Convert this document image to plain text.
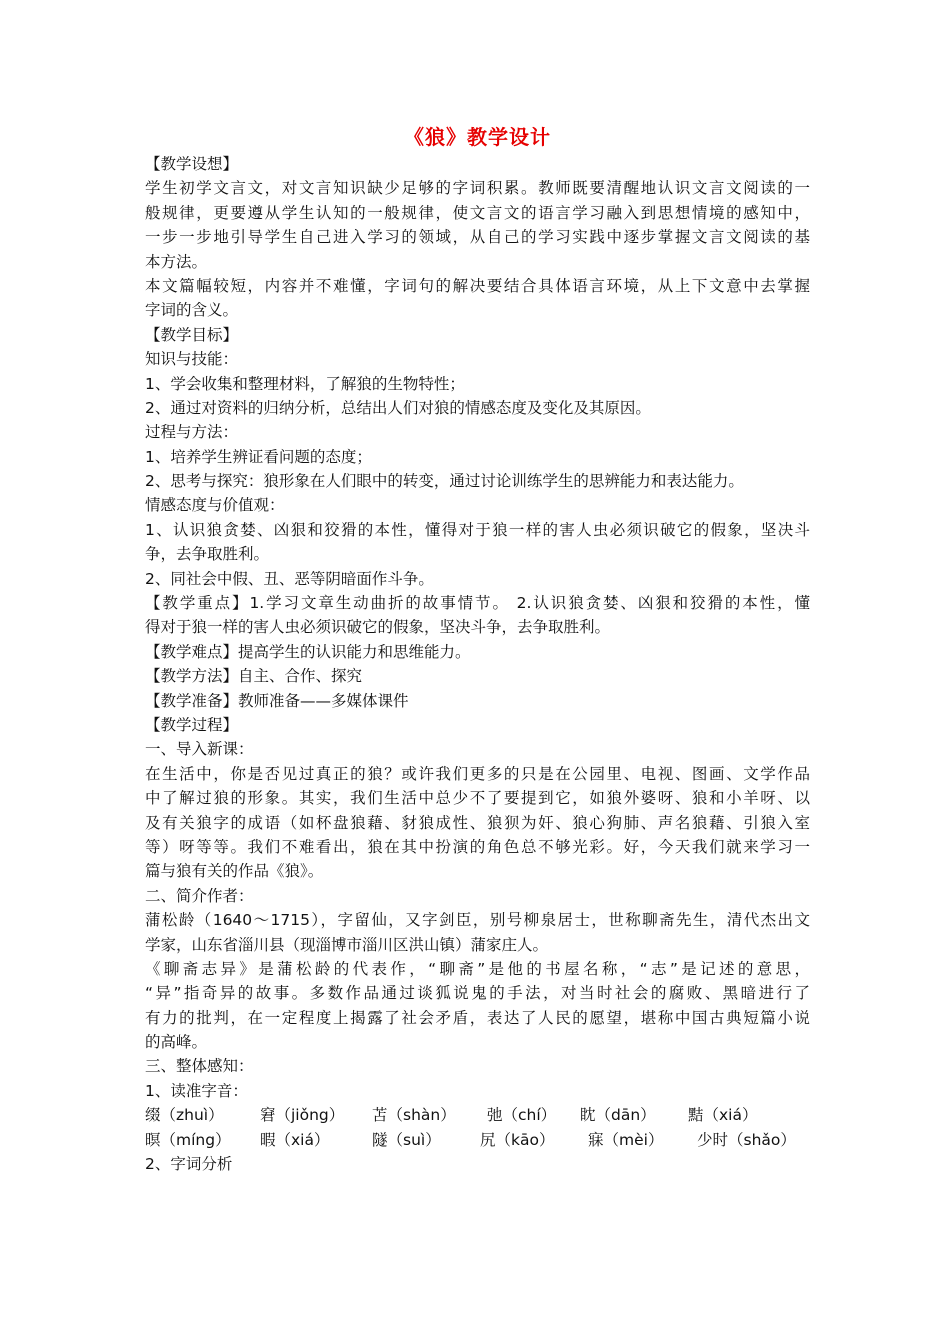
《狼》教学设计
【教学设想】
学生初学文言文，对文言知识缺少足够的字词积累。教师既要清醒地认识文言文阅读的一
般规律，更要遵从学生认知的一般规律，使文言文的语言学习融入到思想情境的感知中，
一步一步地引导学生自己进入学习的领域，从自己的学习实践中逐步掌握文言文阅读的基
本方法。
本文篇幅较短，内容并不难懂，字词句的解决要结合具体语言环境，从上下文意中去掌握
字词的含义。
【教学目标】
知识与技能：
1、学会收集和整理材料，了解狼的生物特性；
2、通过对资料的归纳分析，总结出人们对狼的情感态度及变化及其原因。
过程与方法：
1、培养学生辨证看问题的态度；
2、思考与探究：狼形象在人们眼中的转变，通过讨论训练学生的思辨能力和表达能力。
情感态度与价值观：
1、认识狼贪婪、凶狠和狡猾的本性，懂得对于狼一样的害人虫必须识破它的假象，坚决斗
争，去争取胜利。
2、同社会中假、丑、恶等阴暗面作斗争。
【教学重点】1.学习文章生动曲折的故事情节。 2.认识狼贪婪、凶狠和狡猾的本性，懂
得对于狼一样的害人虫必须识破它的假象，坚决斗争，去争取胜利。
【教学难点】提高学生的认识能力和思维能力。
【教学方法】自主、合作、探究
【教学准备】教师准备——多媒体课件
【教学过程】
一、导入新课：
在生活中，你是否见过真正的狼？或许我们更多的只是在公园里、电视、图画、文学作品
中了解过狼的形象。其实，我们生活中总少不了要提到它，如狼外婆呀、狼和小羊呀、以
及有关狼字的成语（如杯盘狼藉、豺狼成性、狼狈为奸、狼心狗肺、声名狼藉、引狼入室
等）呀等等。我们不难看出，狼在其中扮演的角色总不够光彩。好，今天我们就来学习一
篇与狼有关的作品《狼》。
二、简介作者：
蒲松龄（1640～1715），字留仙，又字剑臣，别号柳泉居士，世称聊斋先生，清代杰出文
学家，山东省淄川县（现淄博市淄川区洪山镇）蒲家庄人。
《聊斋志异》是蒲松龄的代表作，“聊斋”是他的书屋名称，“志”是记述的意思，
“异”指奇异的故事。多数作品通过谈狐说鬼的手法，对当时社会的腐败、黑暗进行了
有力的批判，在一定程度上揭露了社会矛盾，表达了人民的愿望，堪称中国古典短篇小说
的高峰。
三、整体感知：
1、读准字音：
缀（zhuì） 窘（jiǒng） 苫（shàn） 弛（chí） 眈（dān） 黠（xiá）
暝（míng） 暇（xiá）	隧（suì）	尻（kāo） 寐（mèi） 少时（shǎo）
2、字词分析
